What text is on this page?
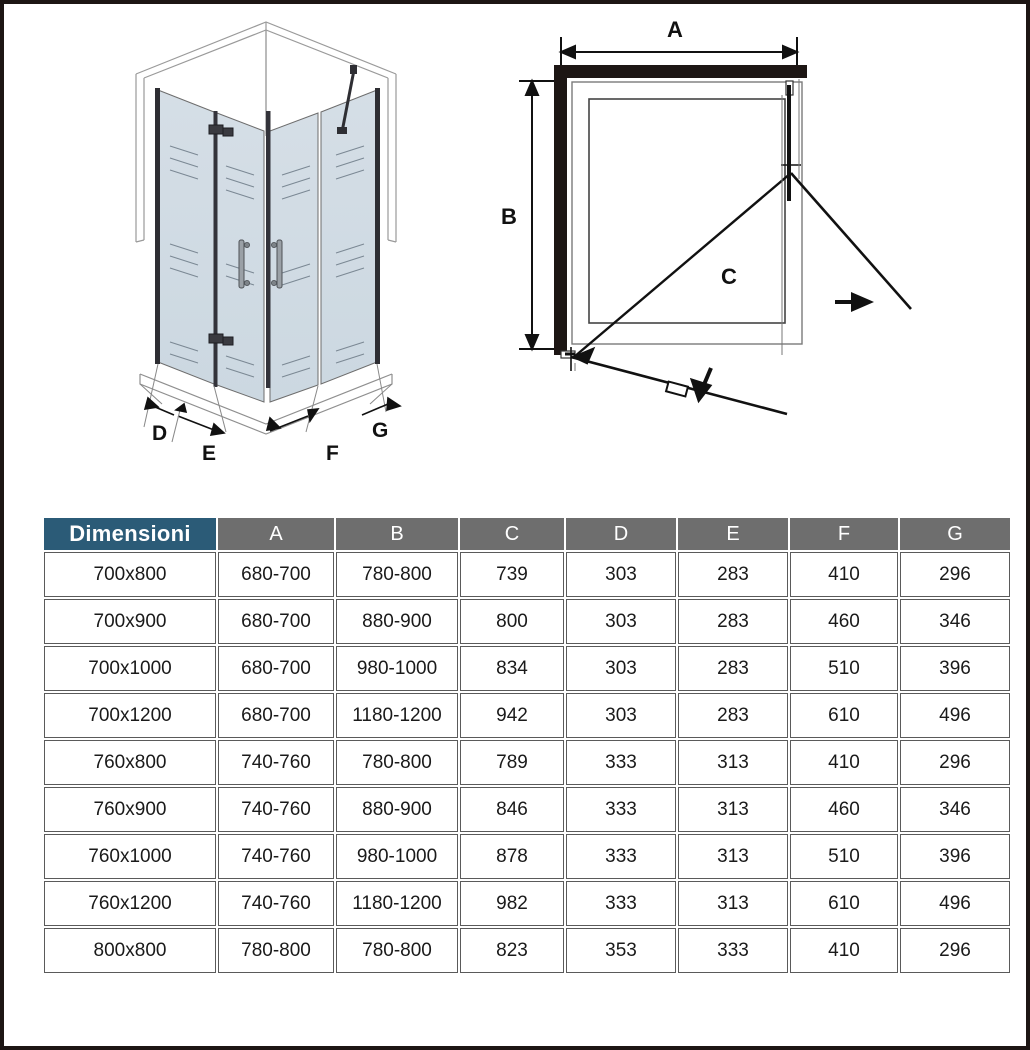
D
E	F
G
A
B
C
Dimensioni	A	B	C	D	E	F	G
700x800	680-700	780-800	739	303	283	410	296
700x900	680-700	880-900	800	303	283	460	346
700x1000	680-700	980-1000	834	303	283	510	396
700x1200	680-700	1180-1200	942	303	283	610	496
760x800	740-760	780-800	789	333	313	410	296
760x900	740-760	880-900	846	333	313	460	346
760x1000	740-760	980-1000	878	333	313	510	396
760x1200	740-760	1180-1200	982	333	313	610	496
800x800	780-800	780-800	823	353	333	410	296
